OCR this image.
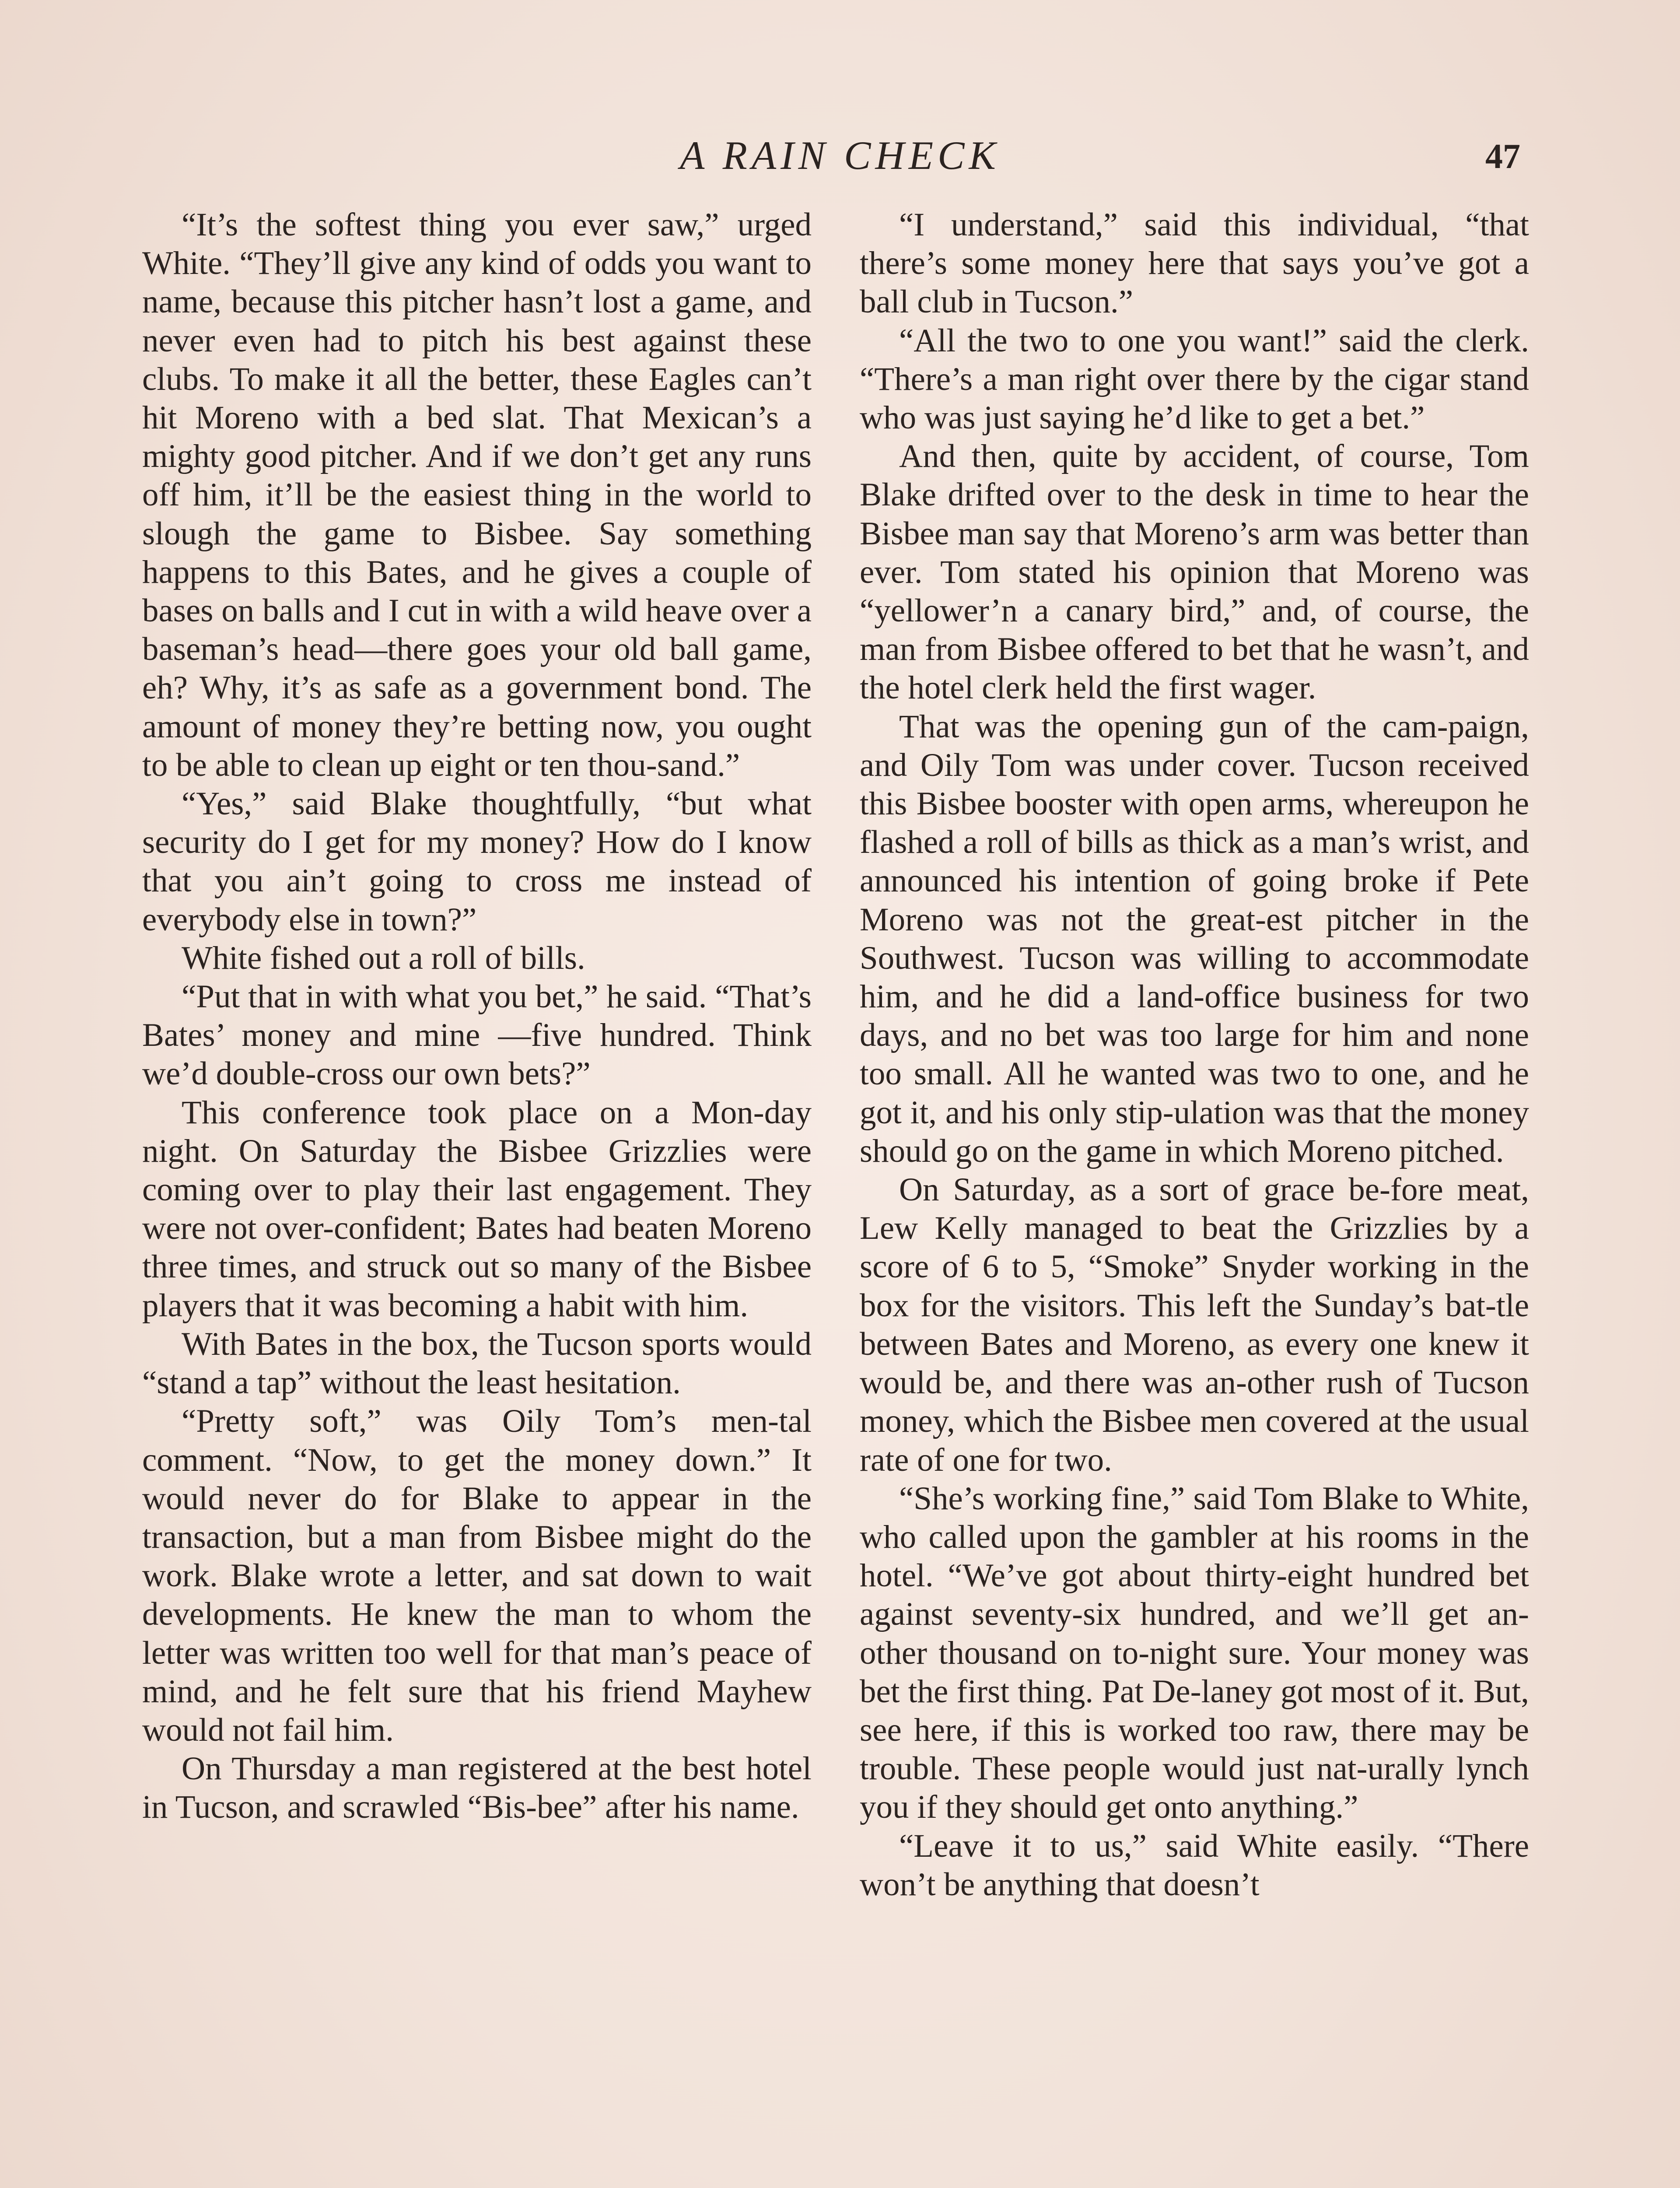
A RAIN CHECK	47

“It’s the softest thing you ever saw,” urged White. “They’ll give any kind of odds you want to name, because this pitcher hasn’t lost a game, and never even had to pitch his best against these clubs. To make it all the better, these Eagles can’t hit Moreno with a bed slat. That Mexican’s a mighty good pitcher. And if we don’t get any runs off him, it’ll be the easiest thing in the world to slough the game to Bisbee. Say something happens to this Bates, and he gives a couple of bases on balls and I cut in with a wild heave over a baseman’s head—there goes your old ball game, eh? Why, it’s as safe as a government bond. The amount of money they’re betting now, you ought to be able to clean up eight or ten thou-sand.”

“Yes,” said Blake thoughtfully, “but what security do I get for my money? How do I know that you ain’t going to cross me instead of everybody else in town?”

White fished out a roll of bills.

“Put that in with what you bet,” he said. “That’s Bates’ money and mine —five hundred. Think we’d double-cross our own bets?”

This conference took place on a Mon-day night. On Saturday the Bisbee Grizzlies were coming over to play their last engagement. They were not over-confident; Bates had beaten Moreno three times, and struck out so many of the Bisbee players that it was becoming a habit with him.

With Bates in the box, the Tucson sports would “stand a tap” without the least hesitation.

“Pretty soft,” was Oily Tom’s men-tal comment. “Now, to get the money down.” It would never do for Blake to appear in the transaction, but a man from Bisbee might do the work. Blake wrote a letter, and sat down to wait developments. He knew the man to whom the letter was written too well for that man’s peace of mind, and he felt sure that his friend Mayhew would not fail him.

On Thursday a man registered at the best hotel in Tucson, and scrawled “Bis-bee” after his name.

“I understand,” said this individual, “that there’s some money here that says you’ve got a ball club in Tucson.”

“All the two to one you want!” said the clerk. “There’s a man right over there by the cigar stand who was just saying he’d like to get a bet.”

And then, quite by accident, of course, Tom Blake drifted over to the desk in time to hear the Bisbee man say that Moreno’s arm was better than ever. Tom stated his opinion that Moreno was “yellower’n a canary bird,” and, of course, the man from Bisbee offered to bet that he wasn’t, and the hotel clerk held the first wager.

That was the opening gun of the cam-paign, and Oily Tom was under cover. Tucson received this Bisbee booster with open arms, whereupon he flashed a roll of bills as thick as a man’s wrist, and announced his intention of going broke if Pete Moreno was not the great-est pitcher in the Southwest. Tucson was willing to accommodate him, and he did a land-office business for two days, and no bet was too large for him and none too small. All he wanted was two to one, and he got it, and his only stip-ulation was that the money should go on the game in which Moreno pitched.

On Saturday, as a sort of grace be-fore meat, Lew Kelly managed to beat the Grizzlies by a score of 6 to 5, “Smoke” Snyder working in the box for the visitors. This left the Sunday’s bat-tle between Bates and Moreno, as every one knew it would be, and there was an-other rush of Tucson money, which the Bisbee men covered at the usual rate of one for two.

“She’s working fine,” said Tom Blake to White, who called upon the gambler at his rooms in the hotel. “We’ve got about thirty-eight hundred bet against seventy-six hundred, and we’ll get an-other thousand on to-night sure. Your money was bet the first thing. Pat De-laney got most of it. But, see here, if this is worked too raw, there may be trouble. These people would just nat-urally lynch you if they should get onto anything.”

“Leave it to us,” said White easily. “There won’t be anything that doesn’t
